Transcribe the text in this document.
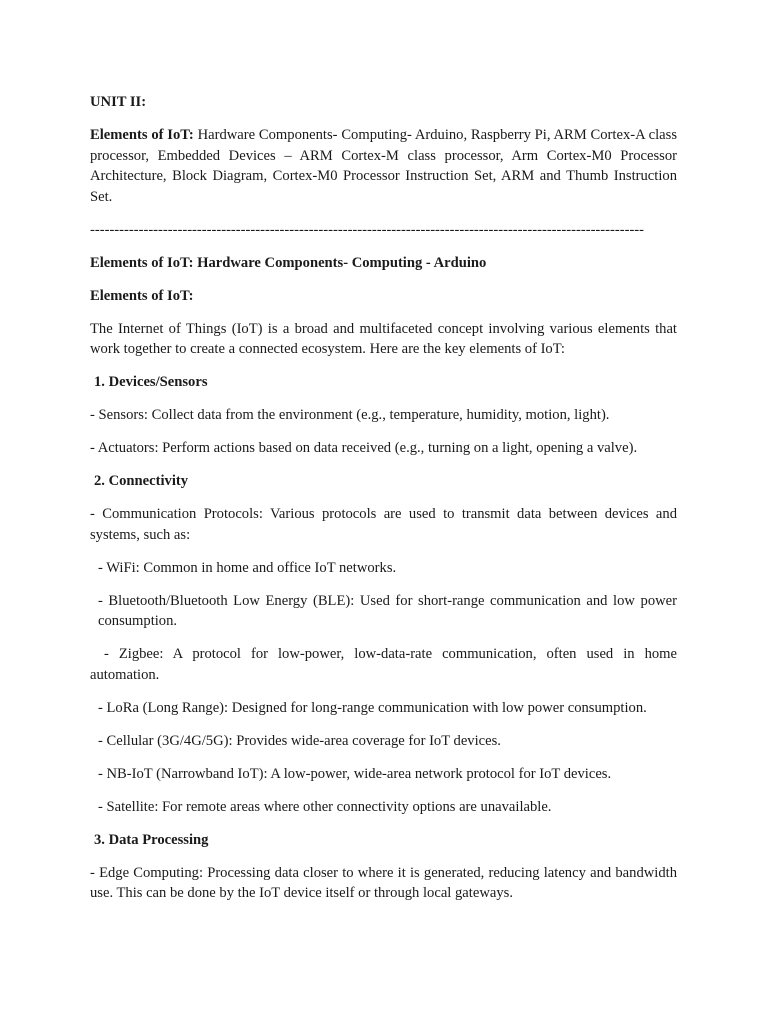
UNIT II:

Elements of IoT: Hardware Components- Computing- Arduino, Raspberry Pi, ARM Cortex-A class processor, Embedded Devices – ARM Cortex-M class processor, Arm Cortex-M0 Processor Architecture, Block Diagram, Cortex-M0 Processor Instruction Set, ARM and Thumb Instruction Set.

------------------------------------------------------------------------------------------------------------------

Elements of IoT: Hardware Components- Computing - Arduino

Elements of IoT:

The Internet of Things (IoT) is a broad and multifaceted concept involving various elements that work together to create a connected ecosystem. Here are the key elements of IoT:

1. Devices/Sensors

- Sensors: Collect data from the environment (e.g., temperature, humidity, motion, light).

- Actuators: Perform actions based on data received (e.g., turning on a light, opening a valve).

2. Connectivity

- Communication Protocols: Various protocols are used to transmit data between devices and systems, such as:

- WiFi: Common in home and office IoT networks.

- Bluetooth/Bluetooth Low Energy (BLE): Used for short-range communication and low power consumption.

- Zigbee: A protocol for low-power, low-data-rate communication, often used in home automation.

- LoRa (Long Range): Designed for long-range communication with low power consumption.

- Cellular (3G/4G/5G): Provides wide-area coverage for IoT devices.

- NB-IoT (Narrowband IoT): A low-power, wide-area network protocol for IoT devices.

- Satellite: For remote areas where other connectivity options are unavailable.

3. Data Processing

- Edge Computing: Processing data closer to where it is generated, reducing latency and bandwidth use. This can be done by the IoT device itself or through local gateways.
